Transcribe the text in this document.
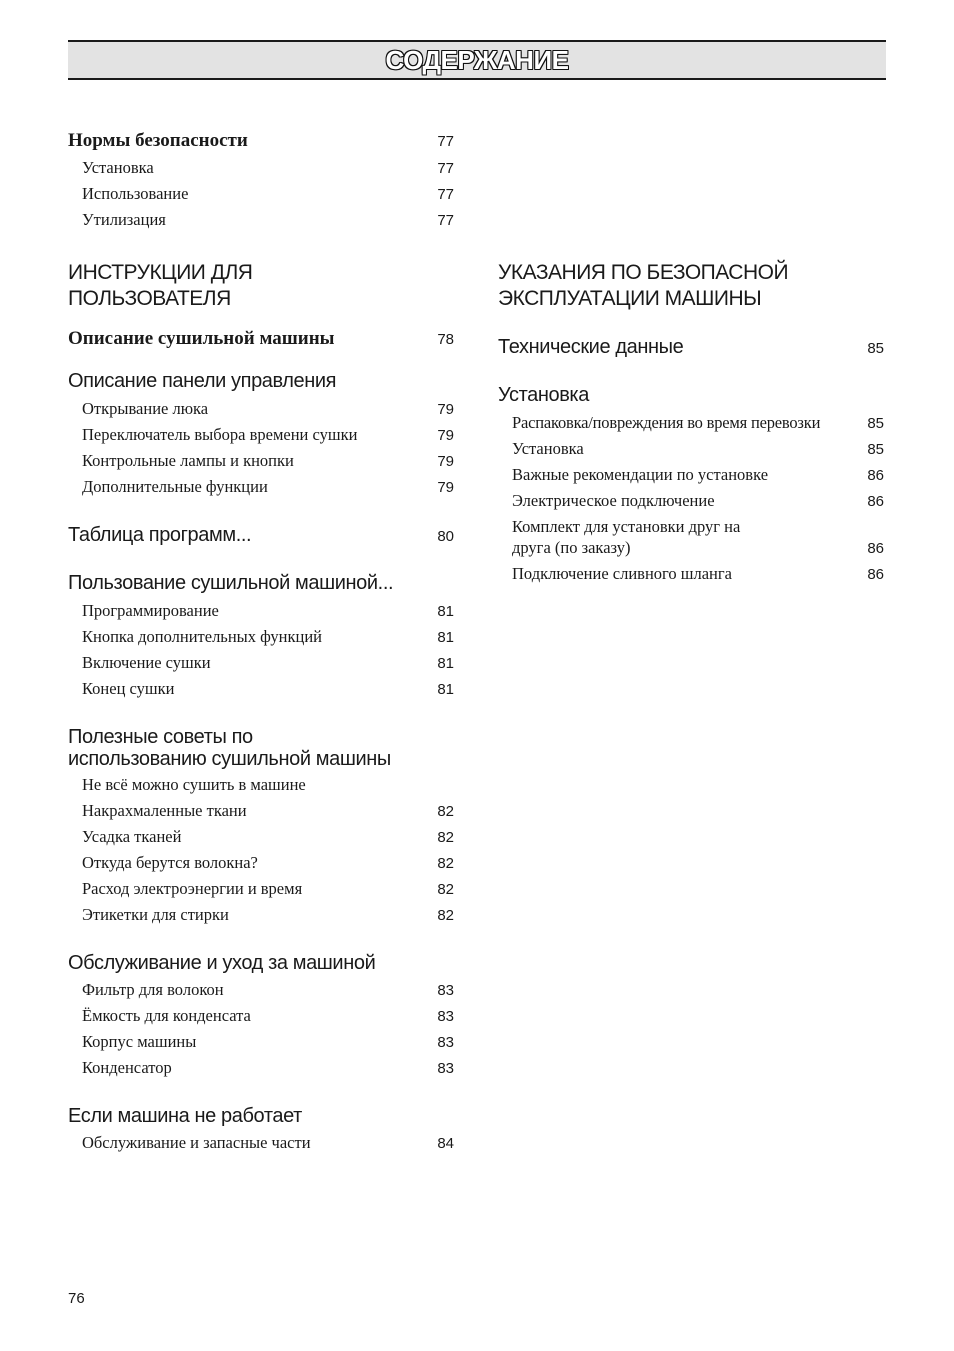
СОДЕРЖАНИЕ
Нормы безопасности	77
Установка	77
Использование	77
Утилизация	77
ИНСТРУКЦИИ ДЛЯ
ПОЛЬЗОВАТЕЛЯ
Описание сушильной машины	78
Описание панели управления
Открывание люка	79
Переключатель выбора времени сушки	79
Контрольные лампы и кнопки	79
Дополнительные функции	79
Таблица программ...	80
Пользование сушильной машиной...
Программирование	81
Кнопка дополнительных функций	81
Включение сушки	81
Конец сушки	81
Полезные советы по
использованию сушильной машины
Не всё можно сушить в машине
Накрахмаленные ткани	82
Усадка тканей	82
Откуда берутся волокна?	82
Расход электроэнергии и время	82
Этикетки для стирки	82
Обслуживание и уход за машиной
Фильтр для волокон	83
Ёмкость для конденсата	83
Корпус машины	83
Конденсатор	83
Если машина не работает
Обслуживание и запасные части	84
УКАЗАНИЯ ПО БЕЗОПАСНОЙ
ЭКСПЛУАТАЦИИ МАШИНЫ
Технические данные	85
Установка
Распаковка/повреждения во время перевозки	85
Установка	85
Важные рекомендации по установке	86
Электрическое подключение	86
Комплект для установки друг на
друга (по заказу)	86
Подключение сливного шланга	86
76
